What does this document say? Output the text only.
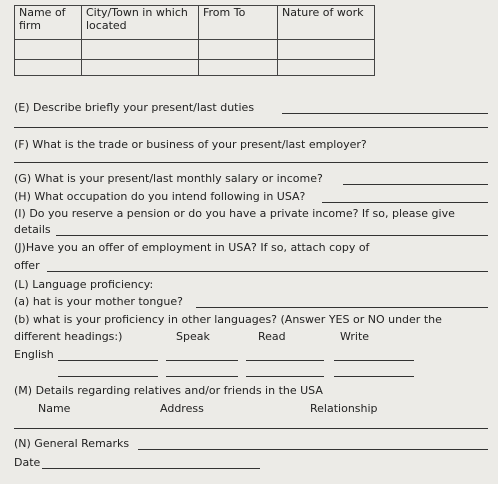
Name of firm	City/Town in which located	From To	Nature of work

(E) Describe briefly your present/last duties
(F) What is the trade or business of your present/last employer?
(G) What is your present/last monthly salary or income?
(H) What occupation do you intend following in USA?
(I) Do you reserve a pension or do you have a private income? If so, please give
details
(J)Have you an offer of employment in USA? If so, attach copy of
offer
(L) Language proficiency:
(a) hat is your mother tongue?
(b) what is your proficiency in other languages? (Answer YES or NO under the
different headings:)	Speak	Read	Write
English
(M) Details regarding relatives and/or friends in the USA
Name	Address	Relationship
(N) General Remarks
Date
